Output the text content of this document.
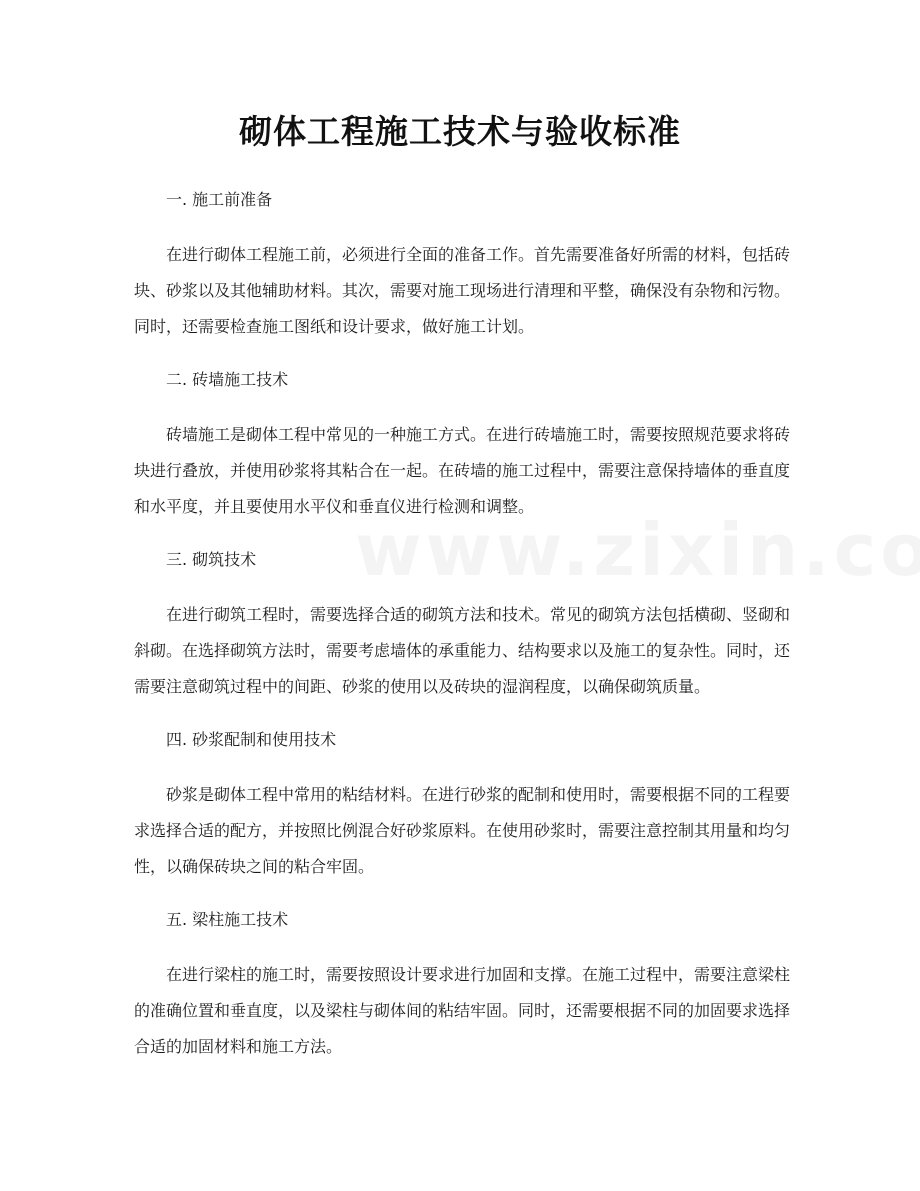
砌体工程施工技术与验收标准

一. 施工前准备

在进行砌体工程施工前，必须进行全面的准备工作。首先需要准备好所需的材料，包括砖块、砂浆以及其他辅助材料。其次，需要对施工现场进行清理和平整，确保没有杂物和污物。同时，还需要检查施工图纸和设计要求，做好施工计划。

二. 砖墙施工技术

砖墙施工是砌体工程中常见的一种施工方式。在进行砖墙施工时，需要按照规范要求将砖块进行叠放，并使用砂浆将其粘合在一起。在砖墙的施工过程中，需要注意保持墙体的垂直度和水平度，并且要使用水平仪和垂直仪进行检测和调整。

三. 砌筑技术

在进行砌筑工程时，需要选择合适的砌筑方法和技术。常见的砌筑方法包括横砌、竖砌和斜砌。在选择砌筑方法时，需要考虑墙体的承重能力、结构要求以及施工的复杂性。同时，还需要注意砌筑过程中的间距、砂浆的使用以及砖块的湿润程度，以确保砌筑质量。

四. 砂浆配制和使用技术

砂浆是砌体工程中常用的粘结材料。在进行砂浆的配制和使用时，需要根据不同的工程要求选择合适的配方，并按照比例混合好砂浆原料。在使用砂浆时，需要注意控制其用量和均匀性，以确保砖块之间的粘合牢固。

五. 梁柱施工技术

在进行梁柱的施工时，需要按照设计要求进行加固和支撑。在施工过程中，需要注意梁柱的准确位置和垂直度，以及梁柱与砌体间的粘结牢固。同时，还需要根据不同的加固要求选择合适的加固材料和施工方法。
